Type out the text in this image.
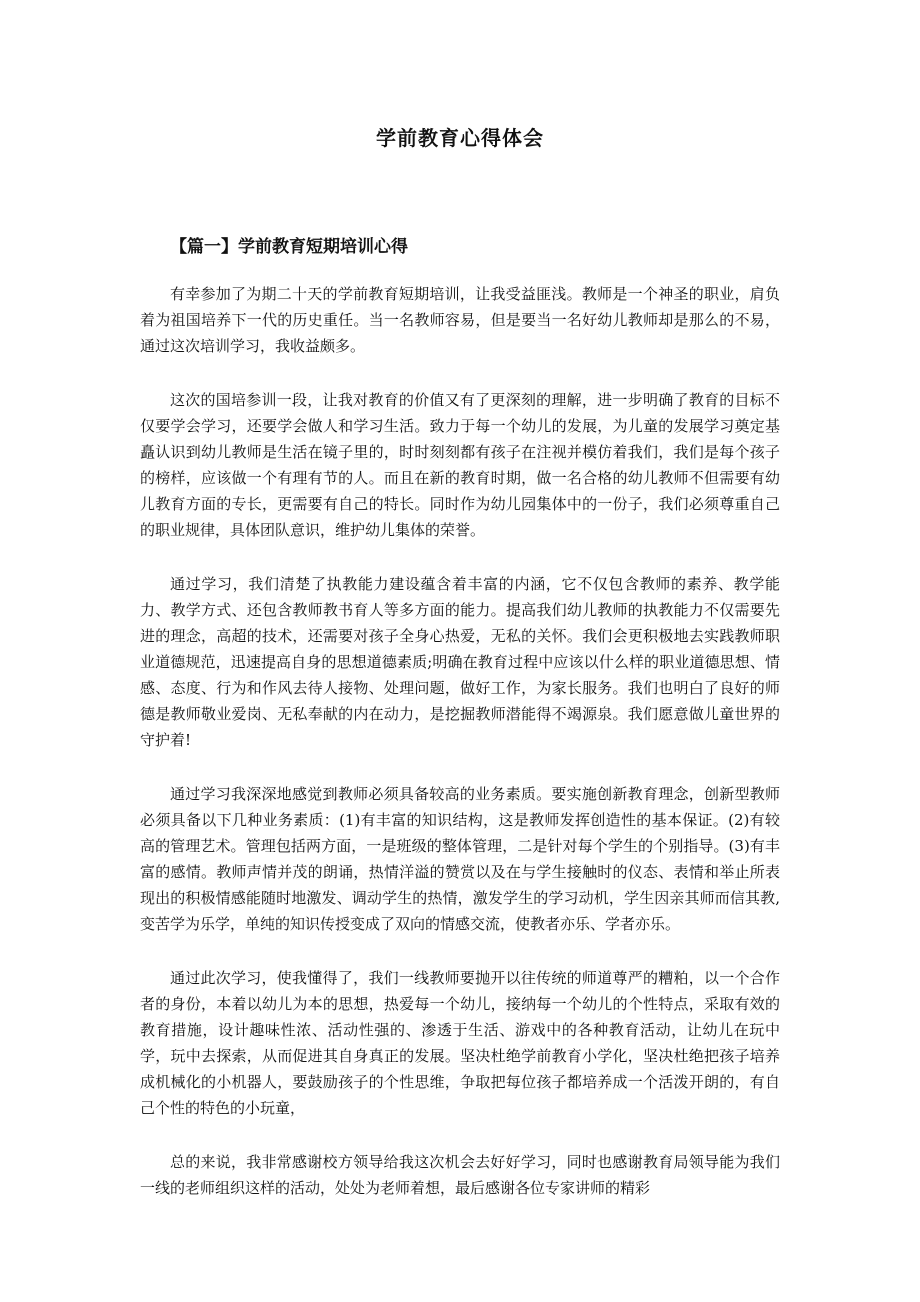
学前教育心得体会
【篇一】学前教育短期培训心得

有幸参加了为期二十天的学前教育短期培训，让我受益匪浅。教师是一个神圣的职业，肩负着为祖国培养下一代的历史重任。当一名教师容易，但是要当一名好幼儿教师却是那么的不易，通过这次培训学习，我收益颇多。

这次的国培参训一段，让我对教育的价值又有了更深刻的理解，进一步明确了教育的目标不仅要学会学习，还要学会做人和学习生活。致力于每一个幼儿的发展，为儿童的发展学习奠定基矗认识到幼儿教师是生活在镜子里的，时时刻刻都有孩子在注视并模仿着我们，我们是每个孩子的榜样，应该做一个有理有节的人。而且在新的教育时期，做一名合格的幼儿教师不但需要有幼儿教育方面的专长，更需要有自己的特长。同时作为幼儿园集体中的一份子，我们必须尊重自己的职业规律，具体团队意识，维护幼儿集体的荣誉。

通过学习，我们清楚了执教能力建设蕴含着丰富的内涵，它不仅包含教师的素养、教学能力、教学方式、还包含教师教书育人等多方面的能力。提高我们幼儿教师的执教能力不仅需要先进的理念，高超的技术，还需要对孩子全身心热爱，无私的关怀。我们会更积极地去实践教师职业道德规范，迅速提高自身的思想道德素质;明确在教育过程中应该以什么样的职业道德思想、情感、态度、行为和作风去待人接物、处理问题，做好工作，为家长服务。我们也明白了良好的师德是教师敬业爱岗、无私奉献的内在动力，是挖掘教师潜能得不竭源泉。我们愿意做儿童世界的守护着!

通过学习我深深地感觉到教师必须具备较高的业务素质。要实施创新教育理念，创新型教师必须具备以下几种业务素质：(1)有丰富的知识结构，这是教师发挥创造性的基本保证。(2)有较高的管理艺术。管理包括两方面，一是班级的整体管理，二是针对每个学生的个别指导。(3)有丰富的感情。教师声情并茂的朗诵，热情洋溢的赞赏以及在与学生接触时的仪态、表情和举止所表现出的积极情感能随时地激发、调动学生的热情，激发学生的学习动机，学生因亲其师而信其教,变苦学为乐学，单纯的知识传授变成了双向的情感交流，使教者亦乐、学者亦乐。

通过此次学习，使我懂得了，我们一线教师要抛开以往传统的师道尊严的糟粕，以一个合作者的身份，本着以幼儿为本的思想，热爱每一个幼儿，接纳每一个幼儿的个性特点，采取有效的教育措施，设计趣味性浓、活动性强的、渗透于生活、游戏中的各种教育活动，让幼儿在玩中学，玩中去探索，从而促进其自身真正的发展。坚决杜绝学前教育小学化，坚决杜绝把孩子培养成机械化的小机器人，要鼓励孩子的个性思维，争取把每位孩子都培养成一个活泼开朗的，有自己个性的特色的小玩童，

总的来说，我非常感谢校方领导给我这次机会去好好学习，同时也感谢教育局领导能为我们一线的老师组织这样的活动，处处为老师着想，最后感谢各位专家讲师的精彩
